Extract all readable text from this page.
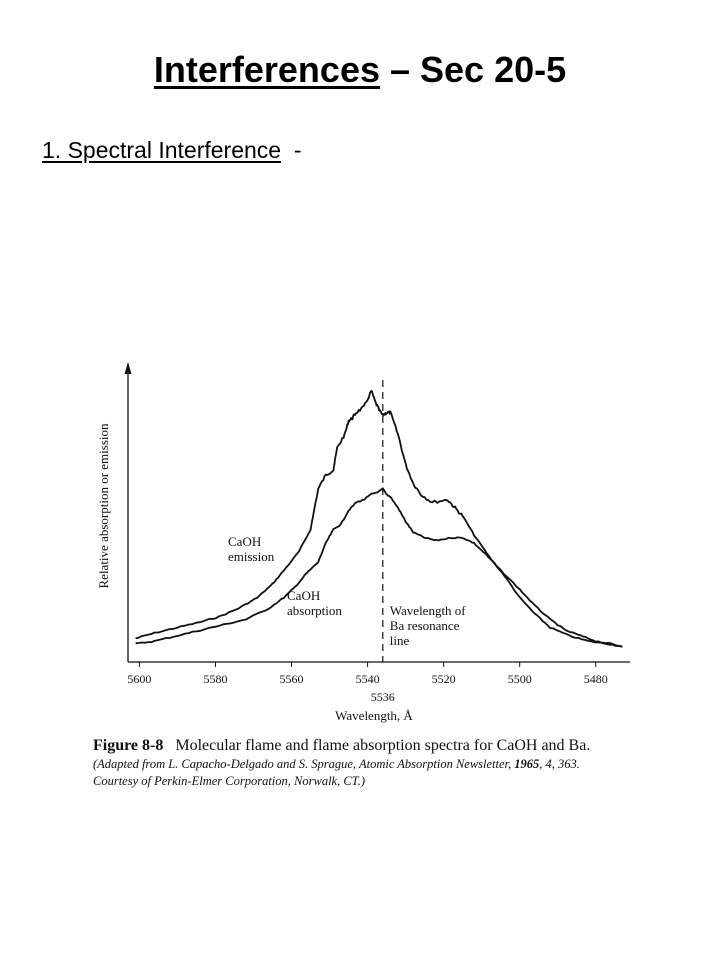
Interferences – Sec 20-5
1. Spectral Interference  -
5600	5580	5560	5540	5520	5500	5480
Wavelength, Å
Relative absorption or emission
5536
CaOH emission
CaOH absorption	Wavelength of Ba resonance line
Figure 8-8 Molecular flame and flame absorption spectra for CaOH and Ba.
(Adapted from L. Capacho-Delgado and S. Sprague, Atomic Absorption Newsletter, 1965, 4, 363.
Courtesy of Perkin-Elmer Corporation, Norwalk, CT.)
